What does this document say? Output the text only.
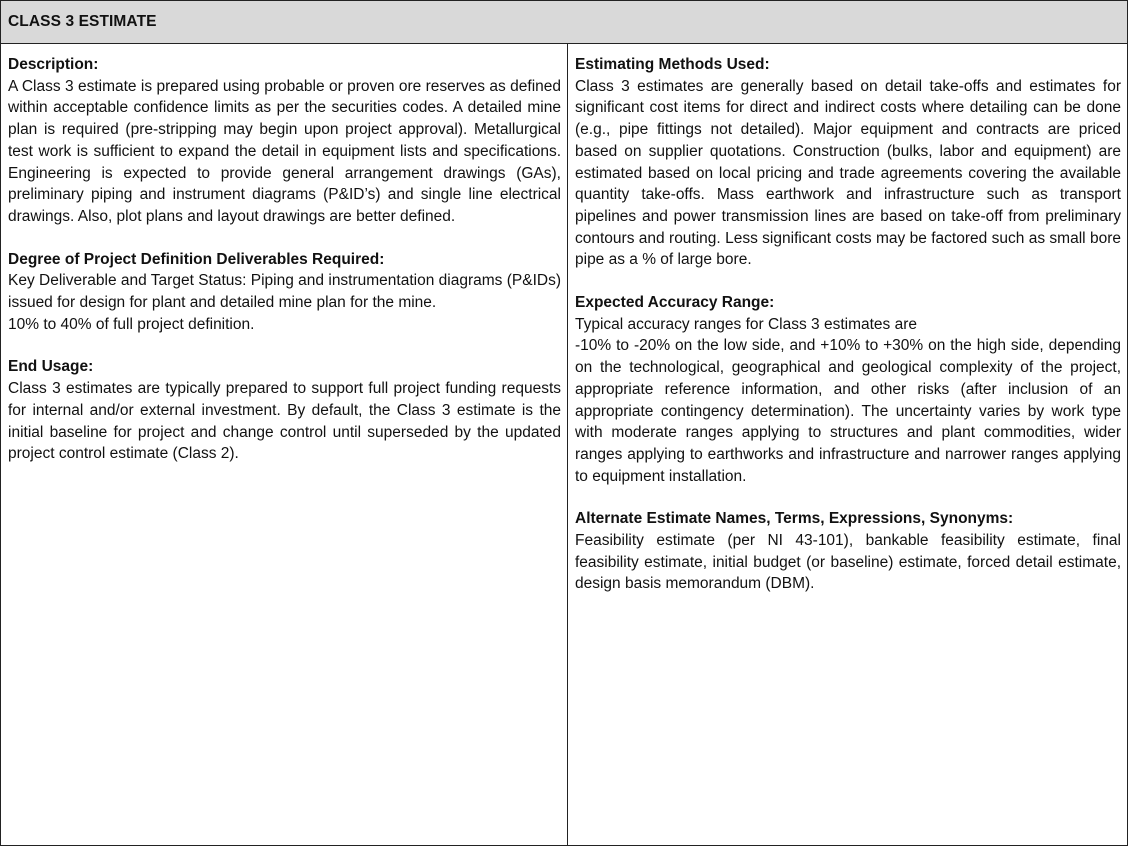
CLASS 3 ESTIMATE
Description:

A Class 3 estimate is prepared using probable or proven ore reserves as defined within acceptable confidence limits as per the securities codes. A detailed mine plan is required (pre-stripping may begin upon project approval). Metallurgical test work is sufficient to expand the detail in equipment lists and specifications. Engineering is expected to provide general arrangement drawings (GAs), preliminary piping and instrument diagrams (P&ID’s) and single line electrical drawings. Also, plot plans and layout drawings are better defined.

Degree of Project Definition Deliverables Required:

Key Deliverable and Target Status: Piping and instrumentation diagrams (P&IDs) issued for design for plant and detailed mine plan for the mine.

10% to 40% of full project definition.
End Usage:

Class 3 estimates are typically prepared to support full project funding requests for internal and/or external investment. By default, the Class 3 estimate is the initial baseline for project and change control until superseded by the updated project control estimate (Class 2).

Estimating Methods Used:

Class 3 estimates are generally based on detail take-offs and estimates for significant cost items for direct and indirect costs where detailing can be done (e.g., pipe fittings not detailed). Major equipment and contracts are priced based on supplier quotations. Construction (bulks, labor and equipment) are estimated based on local pricing and trade agreements covering the available quantity take-offs. Mass earthwork and infrastructure such as transport pipelines and power transmission lines are based on take-off from preliminary contours and routing. Less significant costs may be factored such as small bore pipe as a % of large bore.

Expected Accuracy Range:
Typical accuracy ranges for Class 3 estimates are

-10% to -20% on the low side, and +10% to +30% on the high side, depending on the technological, geographical and geological complexity of the project, appropriate reference information, and other risks (after inclusion of an appropriate contingency determination). The uncertainty varies by work type with moderate ranges applying to structures and plant commodities, wider ranges applying to earthworks and infrastructure and narrower ranges applying to equipment installation.

Alternate Estimate Names, Terms, Expressions, Synonyms:

Feasibility estimate (per NI 43-101), bankable feasibility estimate, final feasibility estimate, initial budget (or baseline) estimate, forced detail estimate, design basis memorandum (DBM).
